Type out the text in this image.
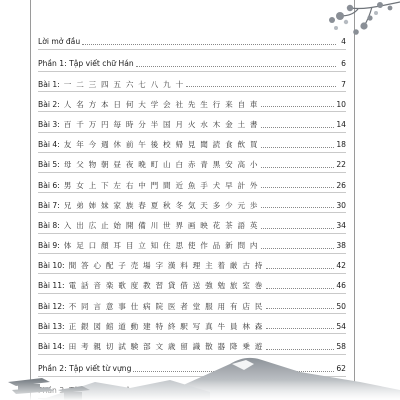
Lời mở đầu	4
Phần 1: Tập viết chữ Hán	6
Bài 1: 一 二 三 四 五 六 七 八 九 十	7
Bài 2: 人 名 方 本 日 何 大 学 会 社 先 生 行 来 自 車	10
Bài 3: 百 千 万 円 毎 時 分 半 国 月 火 水 木 金 土 書	14
Bài 4: 友 年 今 週 休 前 午 後 校 帰 見 聞 読 食 飲 買	18
Bài 5: 母 父 物 朝 昼 夜 晩 町 山 白 赤 青 黒 安 高 小	22
Bài 6: 男 女 上 下 左 右 中 門 間 近 魚 手 犬 早 計 外	26
Bài 7: 兄 弟 姉 妹 家 族 春 夏 秋 冬 気 天 多 少 元 歩	30
Bài 8: 入 出 広 止 始 開 備 川 世 界 画 映 花 茶 語 英	34
Bài 9: 体 足 口 顔 耳 目 立 知 住 思 使 作 品 新 問 内	38
Bài 10: 間 答 心 配 子 売 場 字 漢 料 理 主 着 厳 古 持	42
Bài 11: 電 話 音 楽 歌 度 教 習 貸 借 送 強 勉 旅 室 巻	46
Bài 12: 不 同 言 意 事 仕 病 院 医 者 堂 服 用 有 店 民	50
Bài 13: 正 銀 図 館 道 動 建 特 終 駅 写 真 牛 員 林 森	54
Bài 14: 田 考 親 切 試 験 部 文 歳 留 識 散 器 降 乗 遊	58
Phần 2: Tập viết từ vựng	62
